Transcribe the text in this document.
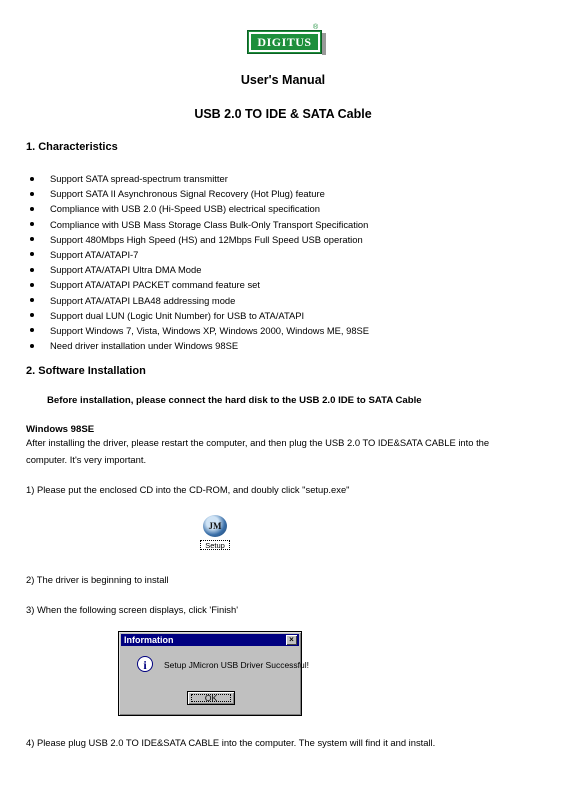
DIGITUS
®
User's Manual
USB 2.0 TO IDE & SATA Cable
1. Characteristics
Support SATA spread-spectrum transmitter
Support SATA II Asynchronous Signal Recovery (Hot Plug) feature
Compliance with USB 2.0 (Hi-Speed USB) electrical specification
Compliance with USB Mass Storage Class Bulk-Only Transport Specification
Support 480Mbps High Speed (HS) and 12Mbps Full Speed USB operation
Support ATA/ATAPI-7
Support ATA/ATAPI Ultra DMA Mode
Support ATA/ATAPI PACKET command feature set
Support ATA/ATAPI LBA48 addressing mode
Support dual LUN (Logic Unit Number) for USB to ATA/ATAPI
Support Windows 7, Vista, Windows XP, Windows 2000, Windows ME, 98SE
Need driver installation under Windows 98SE
2. Software Installation
Before installation, please connect the hard disk to the USB 2.0 IDE to SATA Cable
Windows 98SE
After installing the driver, please restart the computer, and then plug the USB 2.0 TO IDE&SATA CABLE into the
computer. It's very important.
1) Please put the enclosed CD into the CD-ROM, and doubly click "setup.exe"
JM
Setup
2) The driver is beginning to install
3) When the following screen displays, click 'Finish'
Information	×
i	Setup JMicron USB Driver Successful!
OK
4) Please plug USB 2.0 TO IDE&SATA CABLE into the computer. The system will find it and install.
